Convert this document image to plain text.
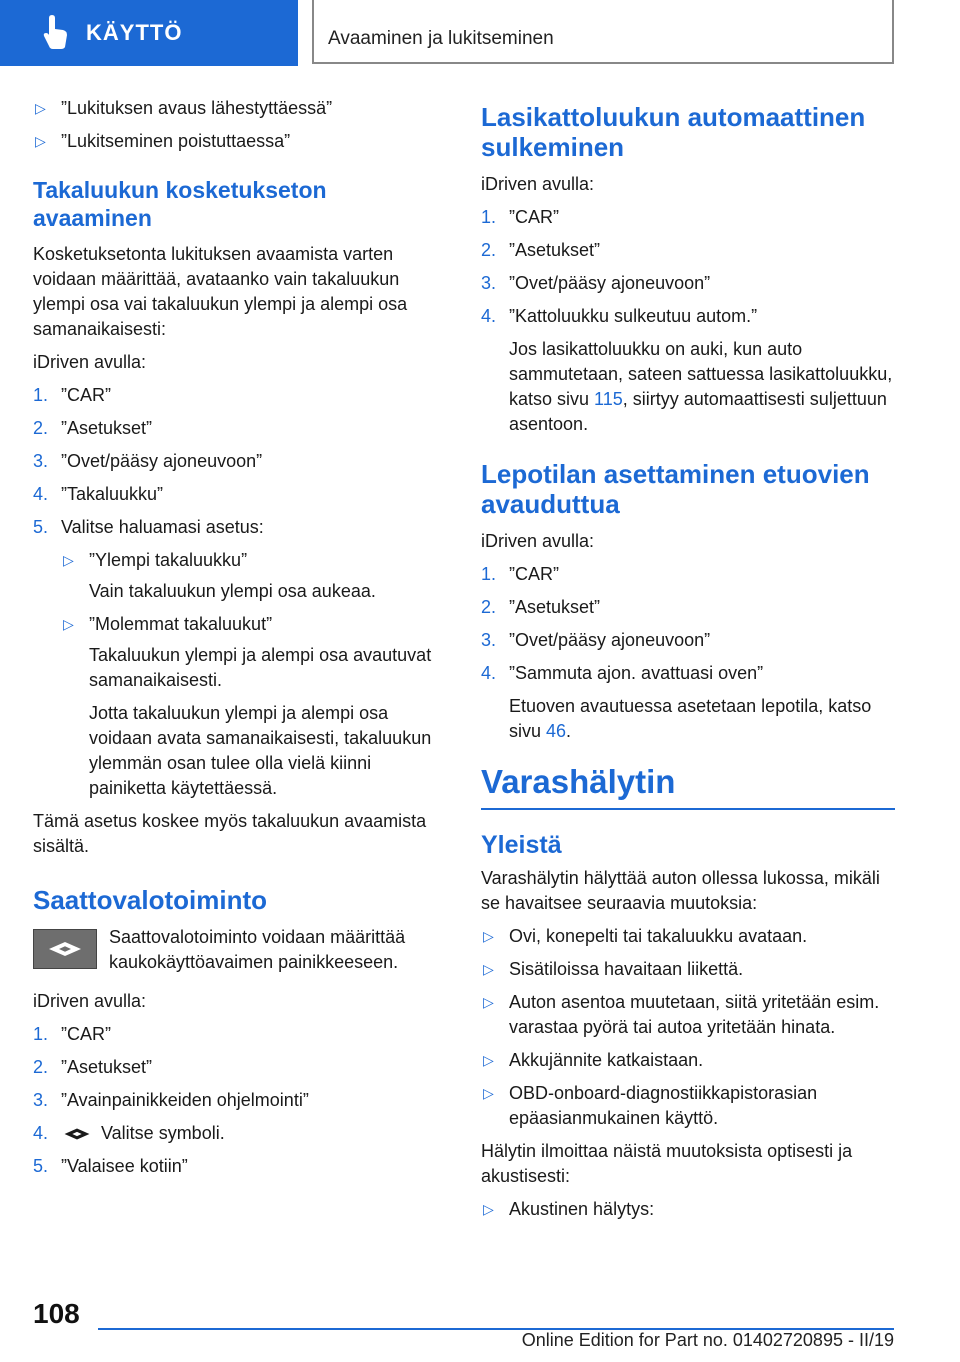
KÄYTTÖ	Avaaminen ja lukitseminen
▷ ”Lukituksen avaus lähestyttäessä”
▷ ”Lukitseminen poistuttaessa”
Takaluukun kosketukseton avaaminen

Kosketuksetonta lukituksen avaamista varten voidaan määrittää, avataanko vain takaluukun ylempi osa vai takaluukun ylempi ja alempi osa samanaikaisesti:

iDriven avulla:

1. ”CAR”
2. ”Asetukset”
3. ”Ovet/pääsy ajoneuvoon”
4. ”Takaluukku”
5. Valitse haluamasi asetus:
▷ ”Ylempi takaluukku”
Vain takaluukun ylempi osa aukeaa.
▷ ”Molemmat takaluukut”
Takaluukun ylempi ja alempi osa avautuvat samanaikaisesti.
Jotta takaluukun ylempi ja alempi osa voidaan avata samanaikaisesti, takaluukun ylemmän osan tulee olla vielä kiinni painiketta käytettäessä.

Tämä asetus koskee myös takaluukun avaamista sisältä.

Saattovalotoiminto

Saattovalotoiminto voidaan määrittää kaukokäyttöavaimen painikkeeseen.

iDriven avulla:

1. ”CAR”
2. ”Asetukset”
3. ”Avainpainikkeiden ohjelmointi”
4.	Valitse symboli.
5. ”Valaisee kotiin”
Lasikattoluukun automaattinen sulkeminen

iDriven avulla:

1. ”CAR”
2. ”Asetukset”
3. ”Ovet/pääsy ajoneuvoon”
4. ”Kattoluukku sulkeutuu autom.”
Jos lasikattoluukku on auki, kun auto sammutetaan, sateen sattuessa lasikattoluukku, katso sivu 115, siirtyy automaattisesti suljettuun asentoon.
Lepotilan asettaminen etuovien avauduttua

iDriven avulla:

1. ”CAR”
2. ”Asetukset”
3. ”Ovet/pääsy ajoneuvoon”
4. ”Sammuta ajon. avattuasi oven”
Etuoven avautuessa asetetaan lepotila, katso sivu 46.
Varashälytin
Yleistä

Varashälytin hälyttää auton ollessa lukossa, mikäli se havaitsee seuraavia muutoksia:

▷ Ovi, konepelti tai takaluukku avataan.
▷ Sisätiloissa havaitaan liikettä.
▷ Auton asentoa muutetaan, siitä yritetään esim. varastaa pyörä tai autoa yritetään hinata.
▷ Akkujännite katkaistaan.
▷ OBD-onboard-diagnostiikkapistorasian epäasianmukainen käyttö.

Hälytin ilmoittaa näistä muutoksista optisesti ja akustisesti:

▷ Akustinen hälytys:
108
Online Edition for Part no. 01402720895 - II/19
